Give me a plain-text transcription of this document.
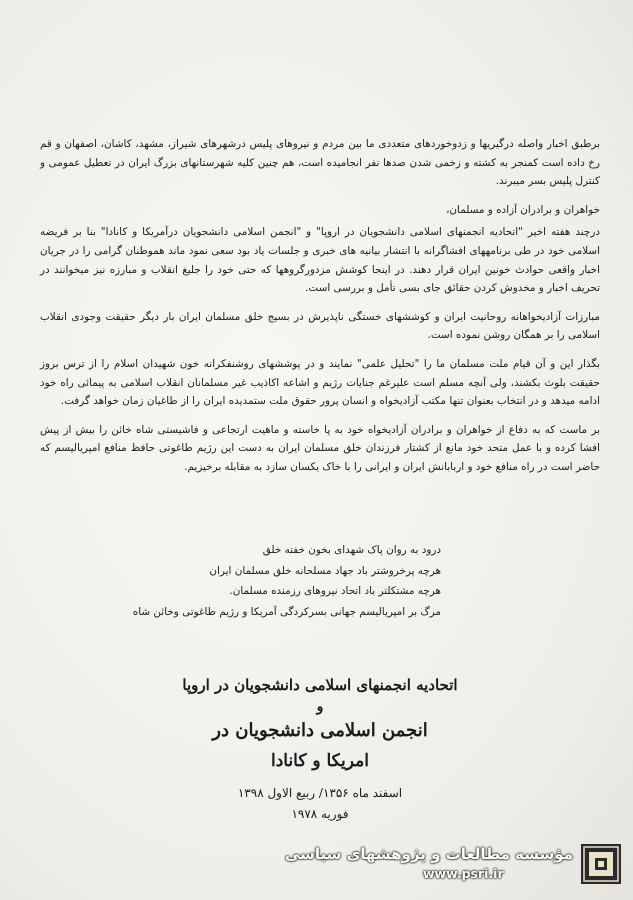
برطبق اخبار واصله درگیریها و زدوخوردهای متعددی ما بین مردم و نیروهای پلیس درشهرهای شیراز، مشهد، کاشان، اصفهان و قم رخ داده است کمنجر به کشته و زخمی شدن صدها نفر انجامیده است، هم چنین کلیه شهرستانهای بزرگ ایران در تعطیل عمومی و کنترل پلیس بسر میبرند.

خواهران و برادران آزاده و مسلمان،

درچند هفته اخیر "اتحادیه انجمنهای اسلامی دانشجویان در اروپا" و "انجمن اسلامی دانشجویان درآمریکا و کانادا" بنا بر فریضه اسلامی خود در طی برنامههای افشاگرانه با انتشار بیانیه های خبری و جلسات یاد بود سعی نمود ماند هموطنان گرامی را در جریان اخبار واقعی حوادث خونین ایران قرار دهند. در اینجا کوشش مزدورگروهها که حتی خود را جلیغ انقلاب و مبارزه نیز میخوانند در تحریف اخبار و مخدوش کردن حقائق جای بسی تأمل و بررسی است.

مبارزات آزادیخواهانه روحانیت ایران و کوششهای خستگی ناپذیرش در بسیج خلق مسلمان ایران بار دیگر حقیقت وجودی انقلاب اسلامی را بر همگان روشن نموده است.

بگذار این و آن قیام ملت مسلمان ما را "تحلیل علمی" نمایند و در پوششهای روشنفکرانه خون شهیدان اسلام را از ترس بروز حقیقت بلوث بکشند، ولی آنچه مسلم است علیرغم جنایات رژیم و اشاعه اکاذیب غیر مسلمانان انقلاب اسلامی به پیمائی راه خود ادامه میدهد و در انتخاب بعنوان تنها مکتب آزادیخواه و انسان پرور حقوق ملت ستمدیده ایران را از طاغیان زمان خواهد گرفت.

بر ماست که به دفاع از خواهران و برادران آزادیخواه خود به پا خاسته و ماهیت ارتجاعی و فاشیستی شاه خائن را بیش از پیش افشا کرده و با عمل متحد خود مانع از کشتار فرزندان خلق مسلمان ایران به دست این رژیم طاغوتی حافظ منافع امپریالیسم که حاضر است در راه منافع خود و اربابانش ایران و ایرانی را با خاک یکسان سازد به مقابله برخیزیم.

درود به روان پاک شهدای بخون خفته خلق
هرچه پرخروشتر باد جهاد مسلحانه خلق مسلمان ایران
هرچه مشتکلتر باد اتحاد نیروهای رزمنده مسلمان.
مرگ بر امپریالیسم جهانی بسرکردگی آمریکا و رژیم طاغوتی وخائن شاه
اتحادیه انجمنهای اسلامی دانشجویان در اروپا
و
انجمن اسلامی دانشجویان در
امریکا و کانادا
اسفند ماه ۱۳۵۶/ ربیع الاول ۱۳۹۸
فوریه ۱۹۷۸
مؤسسه مطالعات و پژوهشهای سیاسی
www.psri.ir
